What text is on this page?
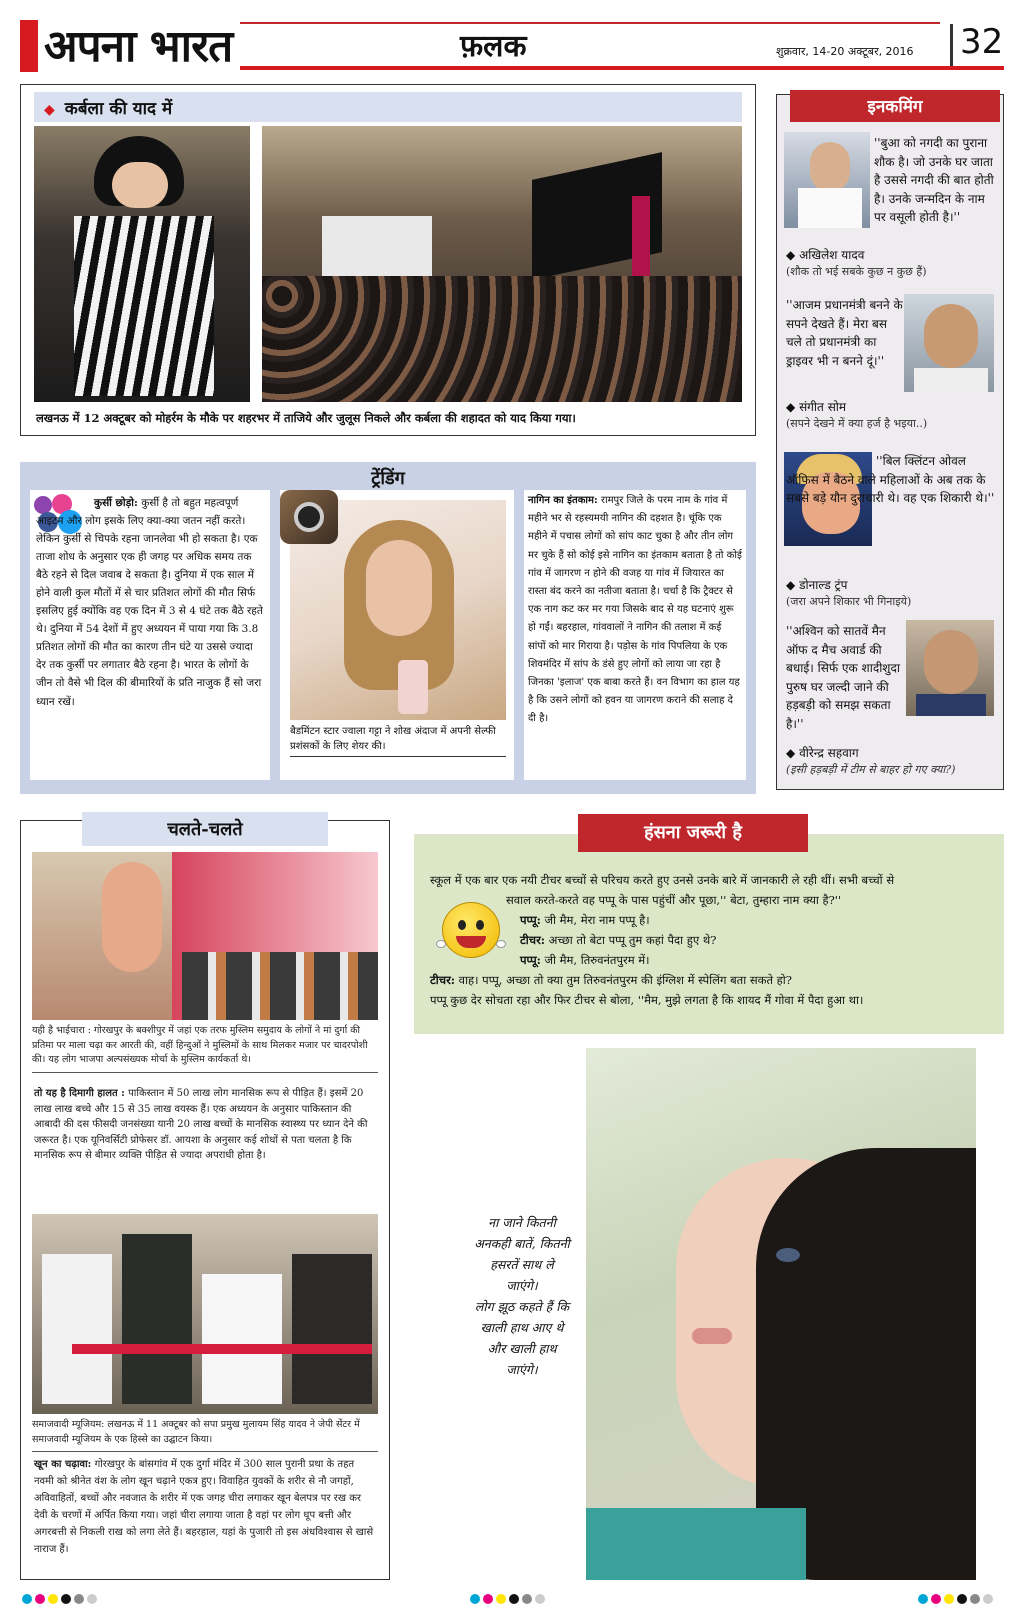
अपना भारत	फ़लक	शुक्रवार, 14-20 अक्टूबर, 2016 32
◆ कर्बला की याद में
लखनऊ में 12 अक्टूबर को मोहर्रम के मौके पर शहरभर में ताजिये और जुलूस निकले और कर्बला की शहादत को याद किया गया।
ट्रेंडिंग
कुर्सी छोड़ो: कुर्सी है तो बहुत महत्वपूर्ण आइटम और लोग इसके लिए क्या-क्या जतन नहीं करते। लेकिन कुर्सी से चिपके रहना जानलेवा भी हो सकता है। एक ताजा शोध के अनुसार एक ही जगह पर अधिक समय तक बैठे रहने से दिल जवाब दे सकता है। दुनिया में एक साल में होने वाली कुल मौतों में से चार प्रतिशत लोगों की मौत सिर्फ इसलिए हुई क्योंकि वह एक दिन में 3 से 4 घंटे तक बैठे रहते थे। दुनिया में 54 देशों में हुए अध्ययन में पाया गया कि 3.8 प्रतिशत लोगों की मौत का कारण तीन घंटे या उससे ज्यादा देर तक कुर्सी पर लगातार बैठे रहना है। भारत के लोगों के जीन तो वैसे भी दिल की बीमारियों के प्रति नाजुक हैं सो जरा ध्यान रखें।
बैडमिंटन स्टार ज्वाला गट्टा ने शोख अंदाज में अपनी सेल्फी प्रशंसकों के लिए शेयर की।
नागिन का इंतकाम: रामपुर जिले के परम नाम के गांव में महीने भर से रहस्यमयी नागिन की दहशत है। चूंकि एक महीने में पचास लोगों को सांप काट चुका है और तीन लोग मर चुके हैं सो कोई इसे नागिन का इंतकाम बताता है तो कोई गांव में जागरण न होने की वजह या गांव में जियारत का रास्ता बंद करने का नतीजा बताता है। चर्चा है कि ट्रैक्टर से एक नाग कट कर मर गया जिसके बाद से यह घटनाएं शुरू हो गईं। बहरहाल, गांववालों ने नागिन की तलाश में कई सांपों को मार गिराया है। पड़ोस के गांव पिपलिया के एक शिवमंदिर में सांप के डंसे हुए लोगों को लाया जा रहा है जिनका 'इलाज' एक बाबा करते हैं। वन विभाग का हाल यह है कि उसने लोगों को हवन या जागरण कराने की सलाह दे दी है।
इनकमिंग
''बुआ को नगदी का पुराना शौक है। जो उनके घर जाता है उससे नगदी की बात होती है। उनके जन्मदिन के नाम पर वसूली होती है।''
◆ अखिलेश यादव
(शौक तो भई सबके कुछ न कुछ हैं)
''आजम प्रधानमंत्री बनने के सपने देखते हैं। मेरा बस चले तो प्रधानमंत्री का ड्राइवर भी न बनने दूं।''
◆ संगीत सोम
(सपने देखने में क्या हर्ज है भइया..)
''बिल क्लिंटन ओवल ऑफिस में बैठने वाले महिलाओं के अब तक के सबसे बड़े यौन दुराचारी थे। वह एक शिकारी थे।''
◆ डोनाल्ड ट्रंप
(जरा अपने शिकार भी गिनाइये)
''अश्विन को सातवें मैन ऑफ द मैच अवार्ड की बधाई। सिर्फ एक शादीशुदा पुरुष घर जल्दी जाने की हड़बड़ी को समझ सकता है।''
◆ वीरेन्द्र सहवाग
(इसी हड़बड़ी में टीम से बाहर हो गए क्या?)
चलते-चलते
यही है भाईचारा : गोरखपुर के बक्शीपुर में जहां एक तरफ मुस्लिम समुदाय के लोगों ने मां दुर्गा की प्रतिमा पर माला चढ़ा कर आरती की, वहीं हिन्दुओं ने मुस्लिमों के साथ मिलकर मजार पर चादरपोशी की। यह लोग भाजपा अल्पसंख्यक मोर्चा के मुस्लिम कार्यकर्ता थे।
तो यह है दिमागी हालत : पाकिस्तान में 50 लाख लोग मानसिक रूप से पीड़ित हैं। इसमें 20 लाख लाख बच्चे और 15 से 35 लाख वयस्क हैं। एक अध्ययन के अनुसार पाकिस्तान की आबादी की दस फीसदी जनसंख्या यानी 20 लाख बच्चों के मानसिक स्वास्थ्य पर ध्यान देने की जरूरत है। एक यूनिवर्सिटी प्रोफेसर डॉ. आयशा के अनुसार कई शोधों से पता चलता है कि मानसिक रूप से बीमार व्यक्ति पीड़ित से ज्यादा अपराधी होता है।
समाजवादी म्यूजियम: लखनऊ में 11 अक्टूबर को सपा प्रमुख मुलायम सिंह यादव ने जेपी सेंटर में समाजवादी म्यूजियम के एक हिस्से का उद्घाटन किया।
खून का चढ़ावा: गोरखपुर के बांसगांव में एक दुर्गा मंदिर में 300 साल पुरानी प्रथा के तहत नवमी को श्रीनेत वंश के लोग खून चढ़ाने एकत्र हुए। विवाहित युवकों के शरीर से नौ जगहों, अविवाहितों, बच्चों और नवजात के शरीर में एक जगह चीरा लगाकर खून बेलपत्र पर रख कर देवी के चरणों में अर्पित किया गया। जहां चीरा लगाया जाता है वहां पर लोग धूप बत्ती और अगरबत्ती से निकली राख को लगा लेते हैं। बहरहाल, यहां के पुजारी तो इस अंधविश्वास से खासे नाराज हैं।
हंसना जरूरी है
स्कूल में एक बार एक नयी टीचर बच्चों से परिचय करते हुए उनसे उनके बारे में जानकारी ले रही थीं। सभी बच्चों से
सवाल करते-करते वह पप्पू के पास पहुंचीं और पूछा,'' बेटा, तुम्हारा नाम क्या है?''
पप्पू: जी मैम, मेरा नाम पप्पू है।
टीचर: अच्छा तो बेटा पप्पू तुम कहां पैदा हुए थे?
पप्पू: जी मैम, तिरुवनंतपुरम में।
टीचर: वाह। पप्पू, अच्छा तो क्या तुम तिरुवनंतपुरम की इंग्लिश में स्पेलिंग बता सकते हो?
पप्पू कुछ देर सोचता रहा और फिर टीचर से बोला, ''मैम, मुझे लगता है कि शायद मैं गोवा में पैदा हुआ था।
ना जाने कितनी
अनकही बातें, कितनी
हसरतें साथ ले
जाएंगे।
लोग झूठ कहते हैं कि
खाली हाथ आए थे
और खाली हाथ
जाएंगे।
